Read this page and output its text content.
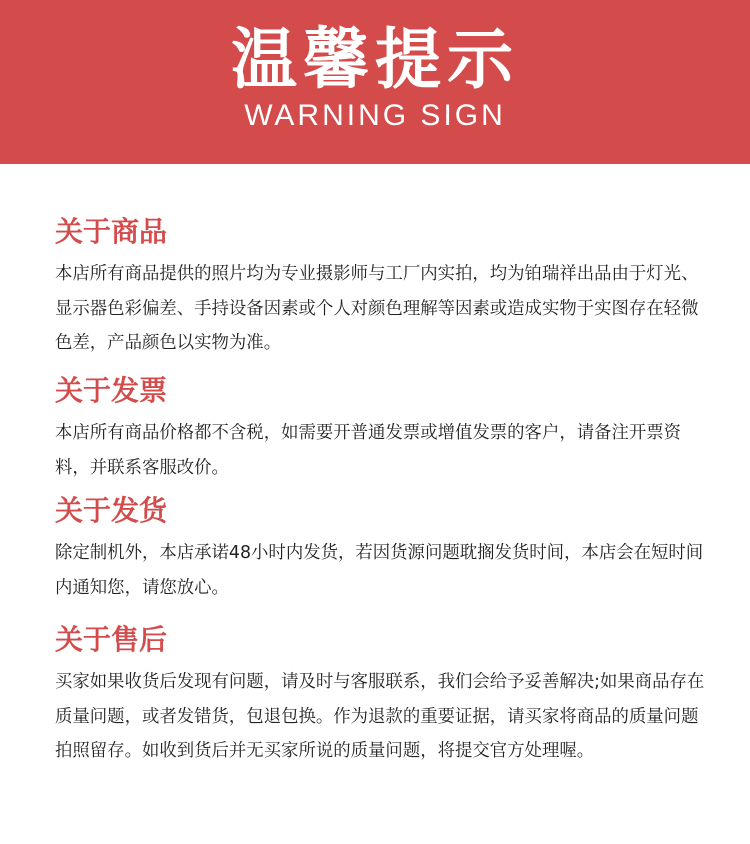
温馨提示
WARNING SIGN
关于商品

本店所有商品提供的照片均为专业摄影师与工厂内实拍，均为铂瑞祥出品由于灯光、显示器色彩偏差、手持设备因素或个人对颜色理解等因素或造成实物于实图存在轻微色差，产品颜色以实物为准。

关于发票

本店所有商品价格都不含税，如需要开普通发票或增值发票的客户，请备注开票资料，并联系客服改价。

关于发货

除定制机外，本店承诺48小时内发货，若因货源问题耽搁发货时间，本店会在短时间内通知您，请您放心。

关于售后

买家如果收货后发现有问题，请及时与客服联系，我们会给予妥善解决;如果商品存在质量问题，或者发错货，包退包换。作为退款的重要证据，请买家将商品的质量问题拍照留存。如收到货后并无买家所说的质量问题，将提交官方处理喔。
